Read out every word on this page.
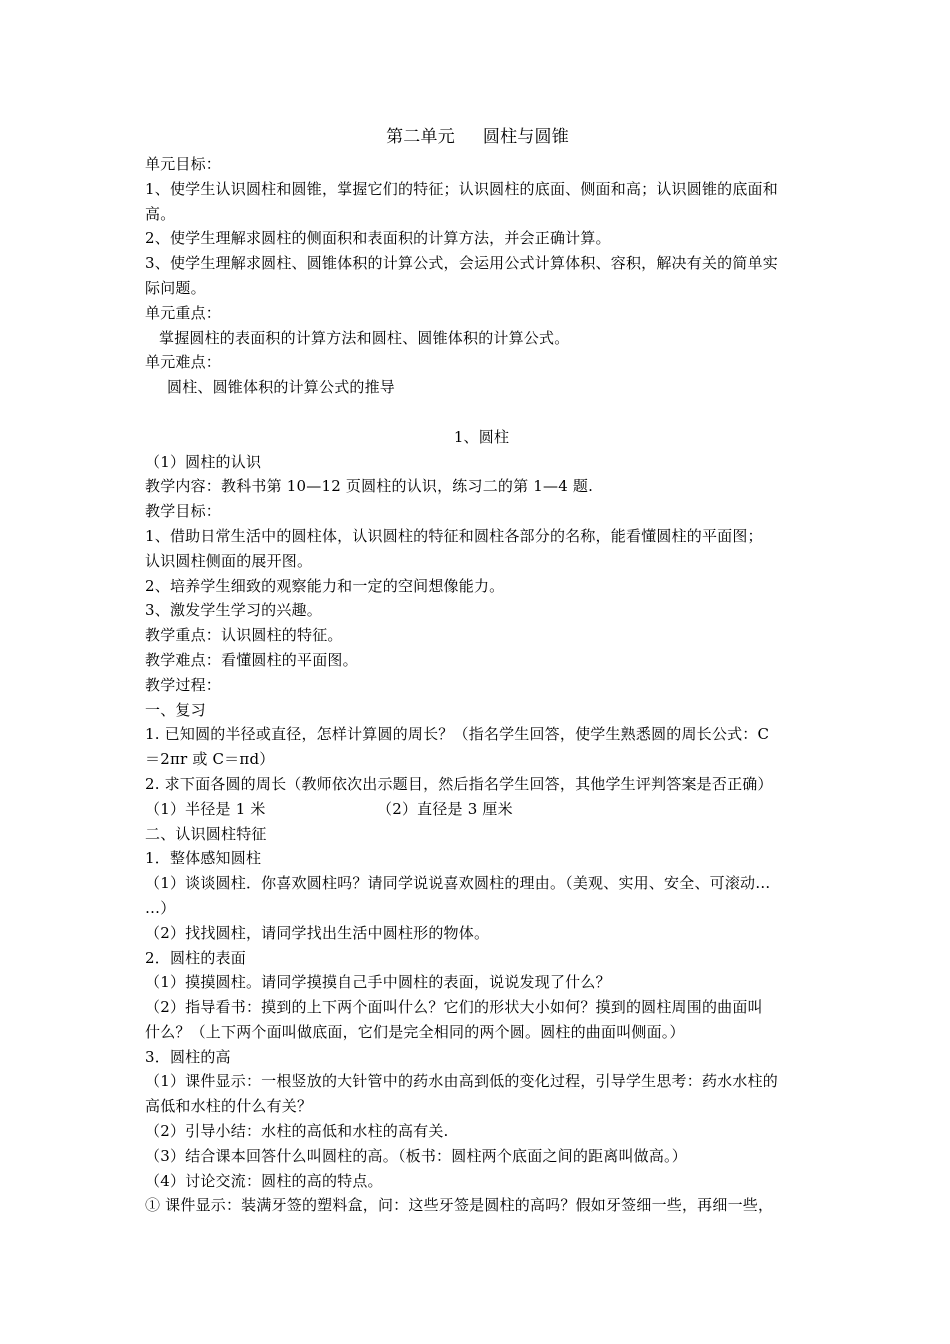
第二单元 圆柱与圆锥
单元目标：
1、使学生认识圆柱和圆锥，掌握它们的特征；认识圆柱的底面、侧面和高；认识圆锥的底面和
高。
2、使学生理解求圆柱的侧面积和表面积的计算方法，并会正确计算。
3、使学生理解求圆柱、圆锥体积的计算公式，会运用公式计算体积、容积，解决有关的简单实
际问题。
单元重点：
掌握圆柱的表面积的计算方法和圆柱、圆锥体积的计算公式。
单元难点：
圆柱、圆锥体积的计算公式的推导
1、圆柱
（1）圆柱的认识
教学内容：教科书第 10—12 页圆柱的认识，练习二的第 1—4 题.
教学目标：
1、借助日常生活中的圆柱体，认识圆柱的特征和圆柱各部分的名称，能看懂圆柱的平面图；
认识圆柱侧面的展开图。
2、培养学生细致的观察能力和一定的空间想像能力。
3、激发学生学习的兴趣。
教学重点：认识圆柱的特征。
教学难点：看懂圆柱的平面图。
教学过程：
一、复习
1. 已知圆的半径或直径，怎样计算圆的周长？（指名学生回答，使学生熟悉圆的周长公式：C
＝2πr 或 C＝πd）
2. 求下面各圆的周长（教师依次出示题目，然后指名学生回答，其他学生评判答案是否正确）
（1）半径是 1 米	（2）直径是 3 厘米
二、认识圆柱特征
1．整体感知圆柱
（1）谈谈圆柱．你喜欢圆柱吗？请同学说说喜欢圆柱的理由。（美观、实用、安全、可滚动…
…）
（2）找找圆柱，请同学找出生活中圆柱形的物体。
2．圆柱的表面
（1）摸摸圆柱。请同学摸摸自己手中圆柱的表面，说说发现了什么？
（2）指导看书：摸到的上下两个面叫什么？它们的形状大小如何？摸到的圆柱周围的曲面叫
什么？（上下两个面叫做底面，它们是完全相同的两个圆。圆柱的曲面叫侧面。）
3．圆柱的高
（1）课件显示：一根竖放的大针管中的药水由高到低的变化过程，引导学生思考：药水水柱的
高低和水柱的什么有关？
（2）引导小结：水柱的高低和水柱的高有关.
（3）结合课本回答什么叫圆柱的高。（板书：圆柱两个底面之间的距离叫做高。）
（4）讨论交流：圆柱的高的特点。
① 课件显示：装满牙签的塑料盒，问：这些牙签是圆柱的高吗？假如牙签细一些，再细一些，
